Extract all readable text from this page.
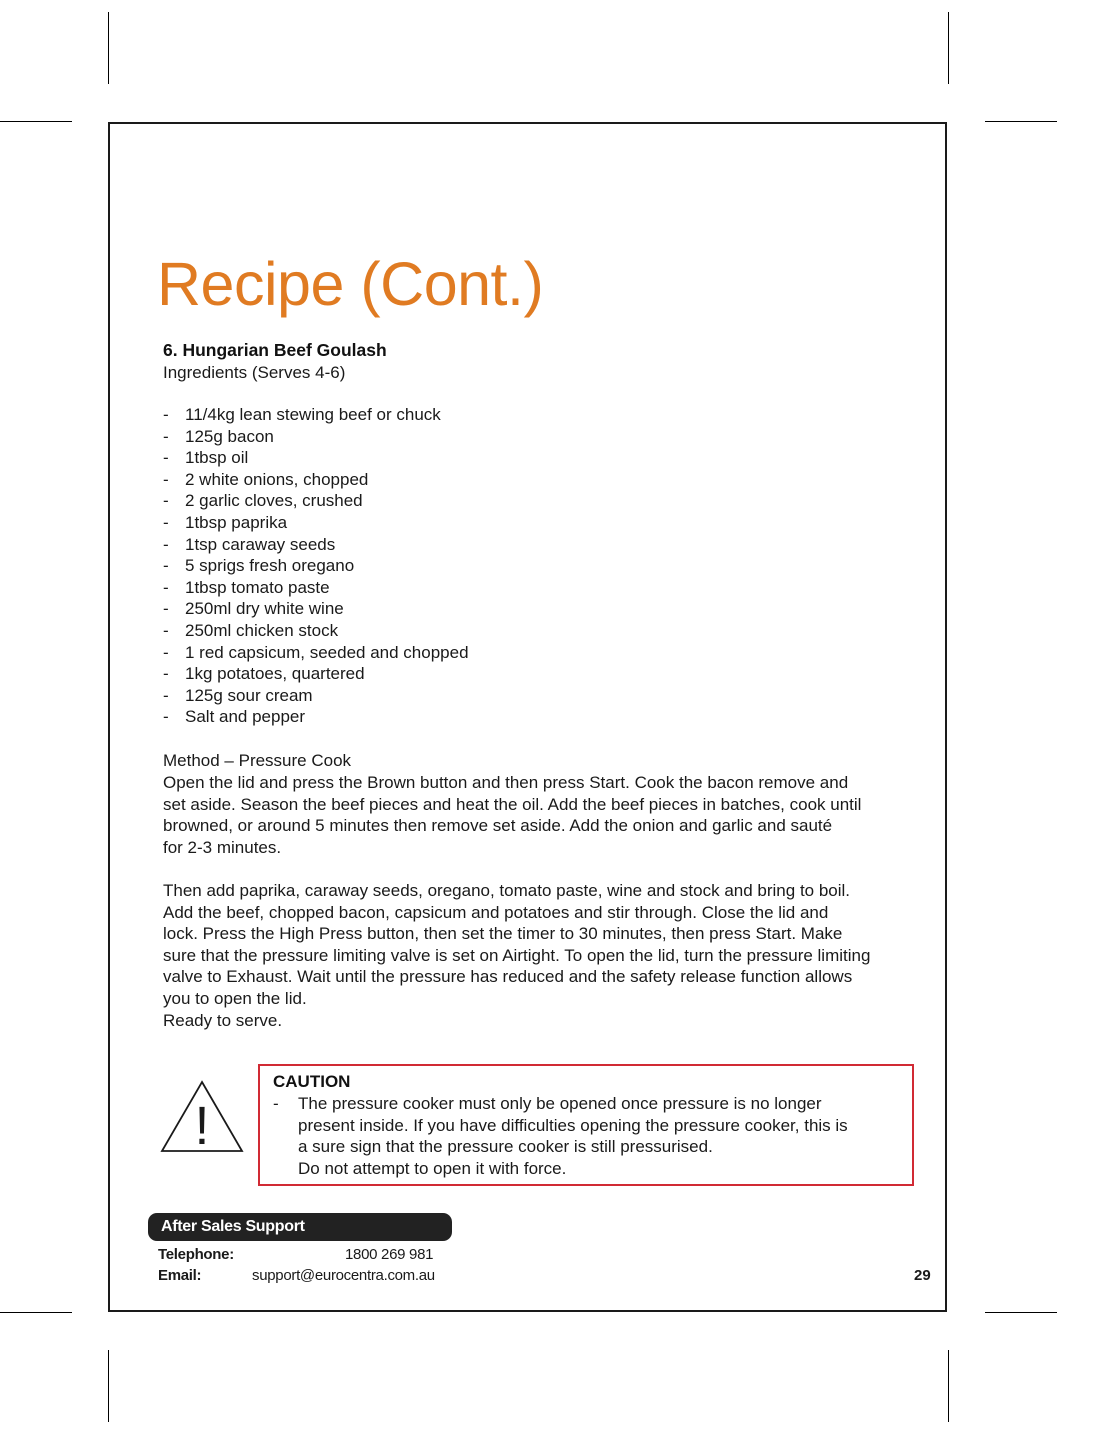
Recipe (Cont.)
6. Hungarian Beef Goulash
Ingredients (Serves 4-6)
- 11/4kg lean stewing beef or chuck
- 125g bacon
- 1tbsp oil
- 2 white onions, chopped
- 2 garlic cloves, crushed
- 1tbsp paprika
- 1tsp caraway seeds
- 5 sprigs fresh oregano
- 1tbsp tomato paste
- 250ml dry white wine
- 250ml chicken stock
- 1 red capsicum, seeded and chopped
- 1kg potatoes, quartered
- 125g sour cream
- Salt and pepper
Method – Pressure Cook
Open the lid and press the Brown button and then press Start. Cook the bacon remove and
set aside. Season the beef pieces and heat the oil. Add the beef pieces in batches, cook until
browned, or around 5 minutes then remove set aside. Add the onion and garlic and sauté
for 2-3 minutes.
Then add paprika, caraway seeds, oregano, tomato paste, wine and stock and bring to boil.
Add the beef, chopped bacon, capsicum and potatoes and stir through. Close the lid and
lock. Press the High Press button, then set the timer to 30 minutes, then press Start. Make
sure that the pressure limiting valve is set on Airtight. To open the lid, turn the pressure limiting
valve to Exhaust. Wait until the pressure has reduced and the safety release function allows
you to open the lid.
Ready to serve.
!
CAUTION
- The pressure cooker must only be opened once pressure is no longer
present inside. If you have difficulties opening the pressure cooker, this is
a sure sign that the pressure cooker is still pressurised.
Do not attempt to open it with force.
After Sales Support
Telephone:	1800 269 981
Email:	support@eurocentra.com.au	29
